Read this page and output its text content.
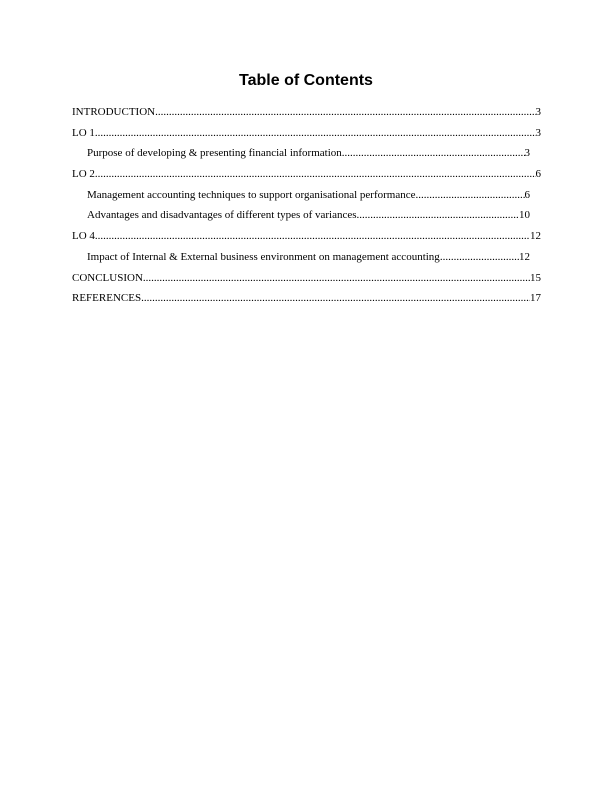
Table of Contents
INTRODUCTION .....	3
LO 1 .....	3
Purpose of developing & presenting financial information .....	3
LO 2 .....	6
Management accounting techniques to support organisational performance .....	6
Advantages and disadvantages of different types of variances .....	10
LO 4 .....	12
Impact of Internal & External business environment on management accounting .....	12
CONCLUSION .....	15
REFERENCES .....	17
